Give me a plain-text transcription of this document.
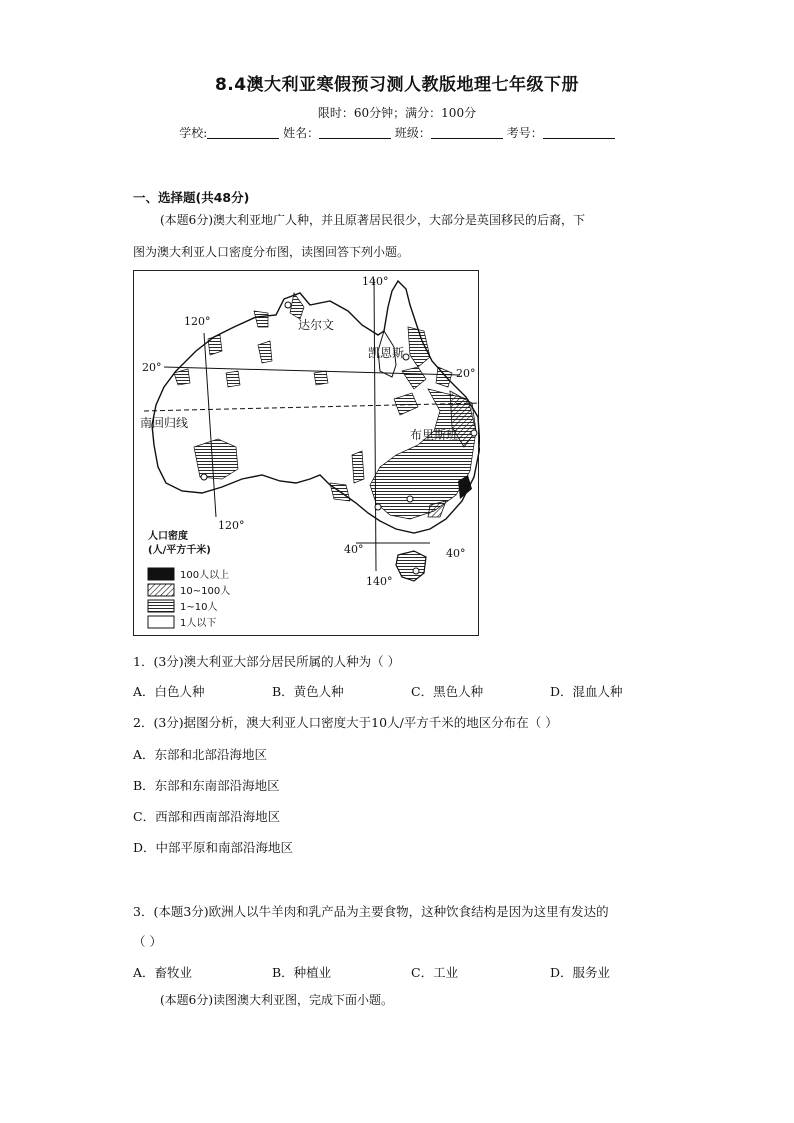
8.4澳大利亚寒假预习测人教版地理七年级下册
限时：60分钟；满分：100分
学校:	姓名：	班级：	考号：
一、选择题(共48分)
(本题6分)澳大利亚地广人种，并且原著居民很少，大部分是英国移民的后裔，下
图为澳大利亚人口密度分布图，读图回答下列小题。
达尔文
凯恩斯
布里斯班
南回归线
140°
120°
120°
140°
20°	20°
40°	40°
人口密度
(人/平方千米)
100人以上
10~100人
1~10人
1人以下
1．(3分)澳大利亚大部分居民所属的人种为（ ）
A．白色人种	B．黄色人种	C．黑色人种	D．混血人种
2．(3分)据图分析，澳大利亚人口密度大于10人/平方千米的地区分布在（ ）
A．东部和北部沿海地区
B．东部和东南部沿海地区
C．西部和西南部沿海地区
D．中部平原和南部沿海地区
3．(本题3分)欧洲人以牛羊肉和乳产品为主要食物，这种饮食结构是因为这里有发达的
（ ）
A．畜牧业	B．种植业	C．工业	D．服务业
(本题6分)读图澳大利亚图，完成下面小题。
